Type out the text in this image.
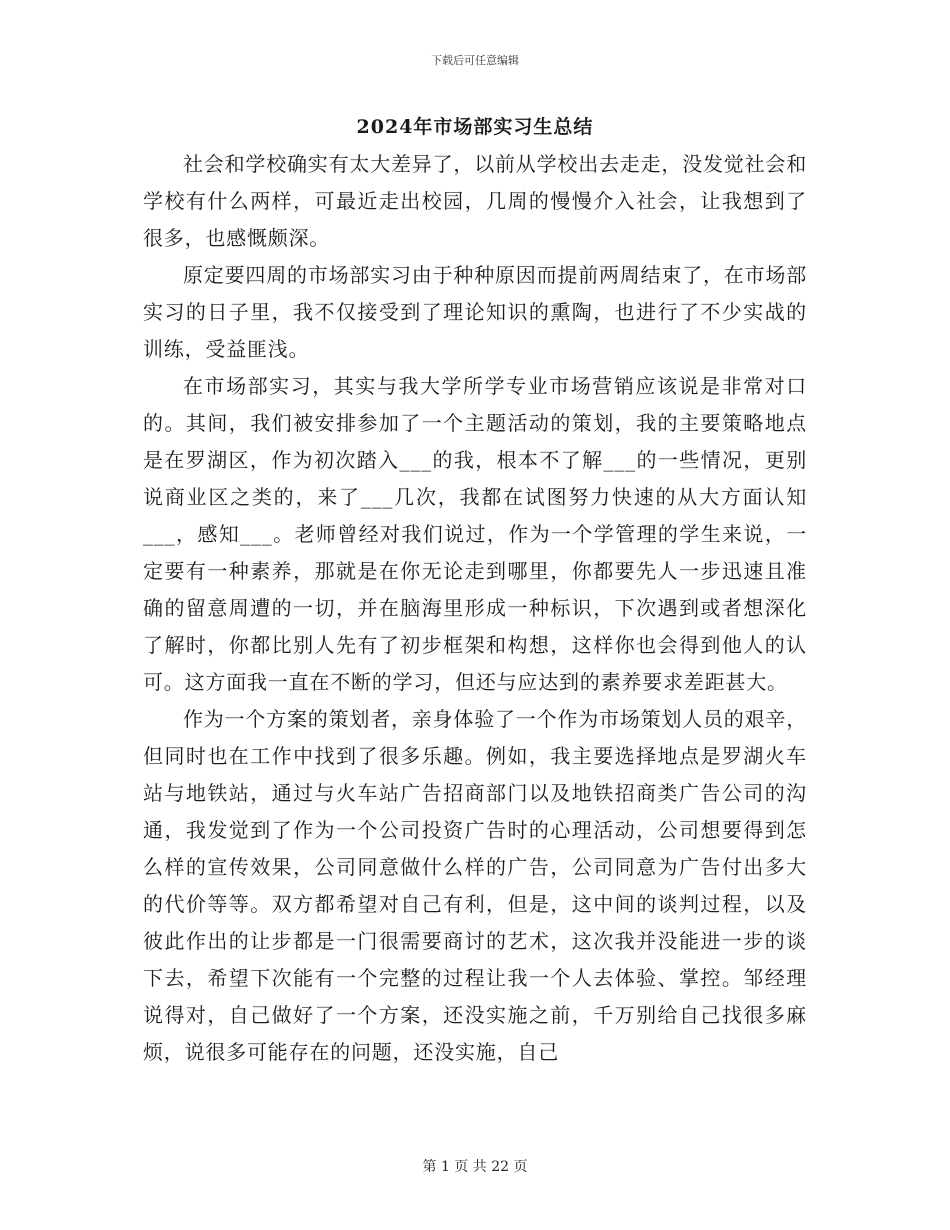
下载后可任意编辑
2024年市场部实习生总结

社会和学校确实有太大差异了，以前从学校出去走走，没发觉社会和学校有什么两样，可最近走出校园，几周的慢慢介入社会，让我想到了很多，也感慨颇深。

原定要四周的市场部实习由于种种原因而提前两周结束了，在市场部实习的日子里，我不仅接受到了理论知识的熏陶，也进行了不少实战的训练，受益匪浅。

在市场部实习，其实与我大学所学专业市场营销应该说是非常对口的。其间，我们被安排参加了一个主题活动的策划，我的主要策略地点是在罗湖区，作为初次踏入___的我，根本不了解___的一些情况，更别说商业区之类的，来了___几次，我都在试图努力快速的从大方面认知___，感知___。老师曾经对我们说过，作为一个学管理的学生来说，一定要有一种素养，那就是在你无论走到哪里，你都要先人一步迅速且准确的留意周遭的一切，并在脑海里形成一种标识，下次遇到或者想深化了解时，你都比别人先有了初步框架和构想，这样你也会得到他人的认可。这方面我一直在不断的学习，但还与应达到的素养要求差距甚大。

作为一个方案的策划者，亲身体验了一个作为市场策划人员的艰辛，但同时也在工作中找到了很多乐趣。例如，我主要选择地点是罗湖火车站与地铁站，通过与火车站广告招商部门以及地铁招商类广告公司的沟通，我发觉到了作为一个公司投资广告时的心理活动，公司想要得到怎么样的宣传效果，公司同意做什么样的广告，公司同意为广告付出多大的代价等等。双方都希望对自己有利，但是，这中间的谈判过程，以及彼此作出的让步都是一门很需要商讨的艺术，这次我并没能进一步的谈下去，希望下次能有一个完整的过程让我一个人去体验、掌控。邹经理说得对，自己做好了一个方案，还没实施之前，千万别给自己找很多麻烦，说很多可能存在的问题，还没实施，自己

第 1 页 共 22 页
